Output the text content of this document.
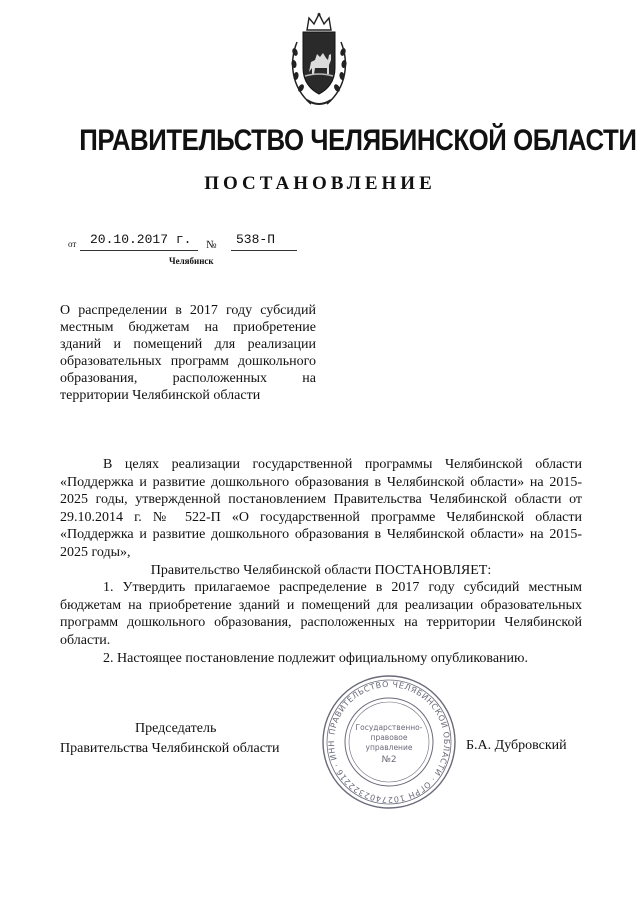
ПРАВИТЕЛЬСТВО ЧЕЛЯБИНСКОЙ ОБЛАСТИ
ПОСТАНОВЛЕНИЕ
от 20.10.2017 г. № 538-П
Челябинск
О распределении в 2017 году субсидий местным бюджетам на приобретение зданий и помещений для реализации образовательных программ дошкольного образования, расположенных на территории Челябинской области

В целях реализации государственной программы Челябинской области «Поддержка и развитие дошкольного образования в Челябинской области» на 2015-2025 годы, утвержденной постановлением Правительства Челябинской области от 29.10.2014 г. № 522-П «О государственной программе Челябинской области «Поддержка и развитие дошкольного образования в Челябинской области» на 2015-2025 годы»,

Правительство Челябинской области ПОСТАНОВЛЯЕТ:

1. Утвердить прилагаемое распределение в 2017 году субсидий местным бюджетам на приобретение зданий и помещений для реализации образовательных программ дошкольного образования, расположенных на территории Челябинской области.

2. Настоящее постановление подлежит официальному опубликованию.

Председатель
Правительства Челябинской области	Б.А. Дубровский
ПРАВИТЕЛЬСТВО ЧЕЛЯБИНСКОЙ ОБЛАСТИ · ОГРН 1027402322216 · ИНН
Государственно-
правовое
управление
№2
